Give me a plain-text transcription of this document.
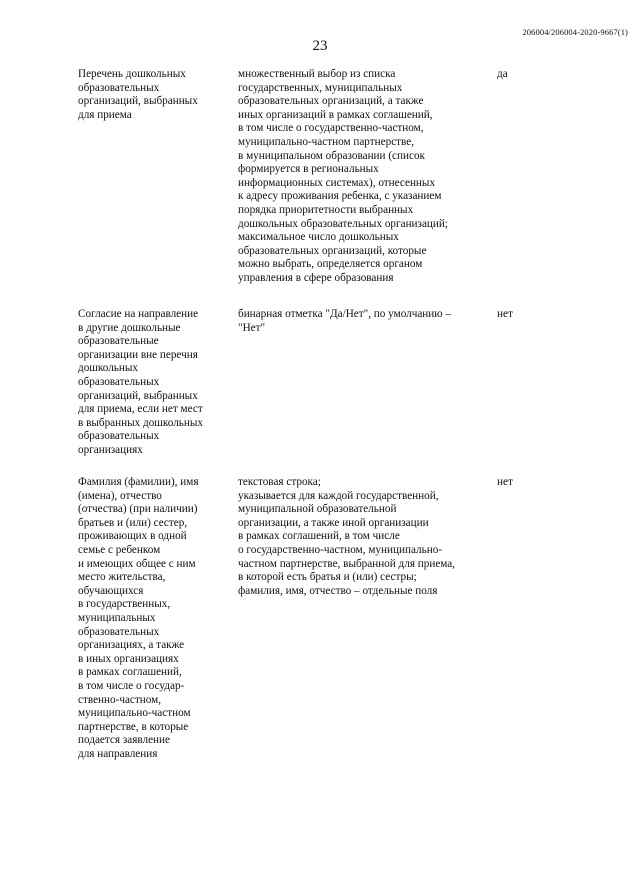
206004/206004-2020-9667(1)
23
Перечень дошкольных
образовательных
организаций, выбранных
для приема
множественный выбор из списка
государственных, муниципальных
образовательных организаций, а также
иных организаций в рамках соглашений,
в том числе о государственно-частном,
муниципально-частном партнерстве,
в муниципальном образовании (список
формируется в региональных
информационных системах), отнесенных
к адресу проживания ребенка, с указанием
порядка приоритетности выбранных
дошкольных образовательных организаций;
максимальное число дошкольных
образовательных организаций, которые
можно выбрать, определяется органом
управления в сфере образования
да
Согласие на направление
в другие дошкольные
образовательные
организации вне перечня
дошкольных
образовательных
организаций, выбранных
для приема, если нет мест
в выбранных дошкольных
образовательных
организациях
бинарная отметка "Да/Нет", по умолчанию –
"Нет"
нет
Фамилия (фамилии), имя
(имена), отчество
(отчества) (при наличии)
братьев и (или) сестер,
проживающих в одной
семье с ребенком
и имеющих общее с ним
место жительства,
обучающихся
в государственных,
муниципальных
образовательных
организациях, а также
в иных организациях
в рамках соглашений,
в том числе о государ-
ственно-частном,
муниципально-частном
партнерстве, в которые
подается заявление
для направления
текстовая строка;
указывается для каждой государственной,
муниципальной образовательной
организации, а также иной организации
в рамках соглашений, в том числе
о государственно-частном, муниципально-
частном партнерстве, выбранной для приема,
в которой есть братья и (или) сестры;
фамилия, имя, отчество – отдельные поля
нет
